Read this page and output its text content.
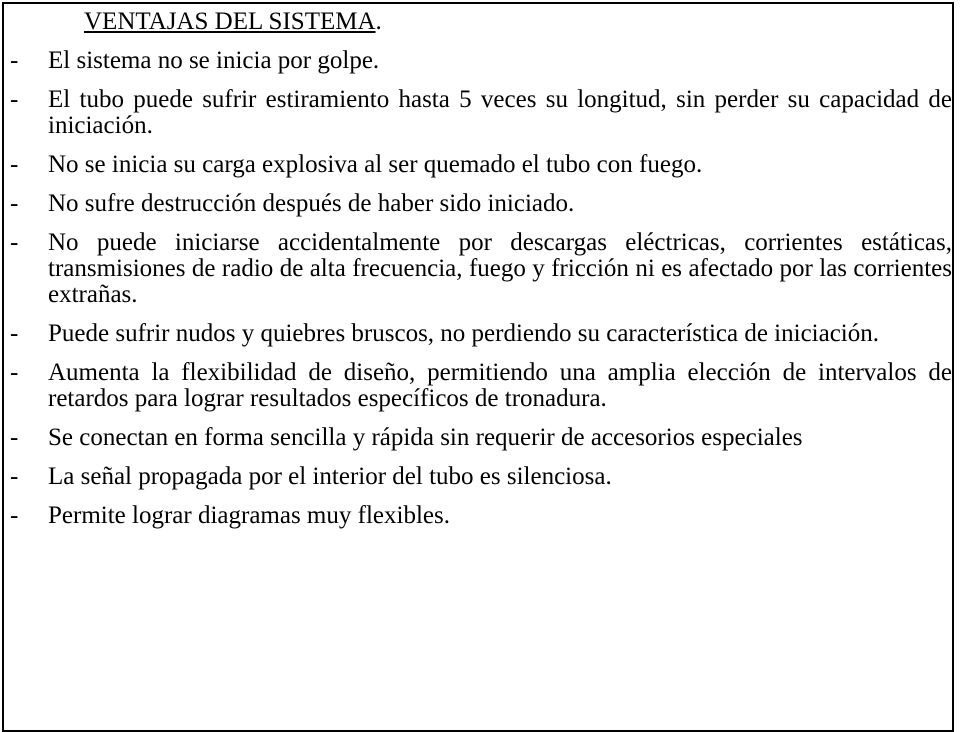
VENTAJAS DEL SISTEMA.
-	El sistema no se inicia por golpe.
-	El tubo puede sufrir estiramiento hasta 5 veces su longitud, sin perder su capacidad de iniciación.
-	No se inicia su carga explosiva al ser quemado el tubo con fuego.
-	No sufre destrucción después de haber sido iniciado.
-	No puede iniciarse accidentalmente por descargas eléctricas, corrientes estáticas, transmisiones de radio de alta frecuencia, fuego y fricción ni es afectado por las corrientes extrañas.
-	Puede sufrir nudos y quiebres bruscos, no perdiendo su característica de iniciación.
-	Aumenta la flexibilidad de diseño, permitiendo una amplia elección de intervalos de retardos para lograr resultados específicos de tronadura.
-	Se conectan en forma sencilla y rápida sin requerir de accesorios especiales
-	La señal propagada por el interior del tubo es silenciosa.
-	Permite lograr diagramas muy flexibles.
